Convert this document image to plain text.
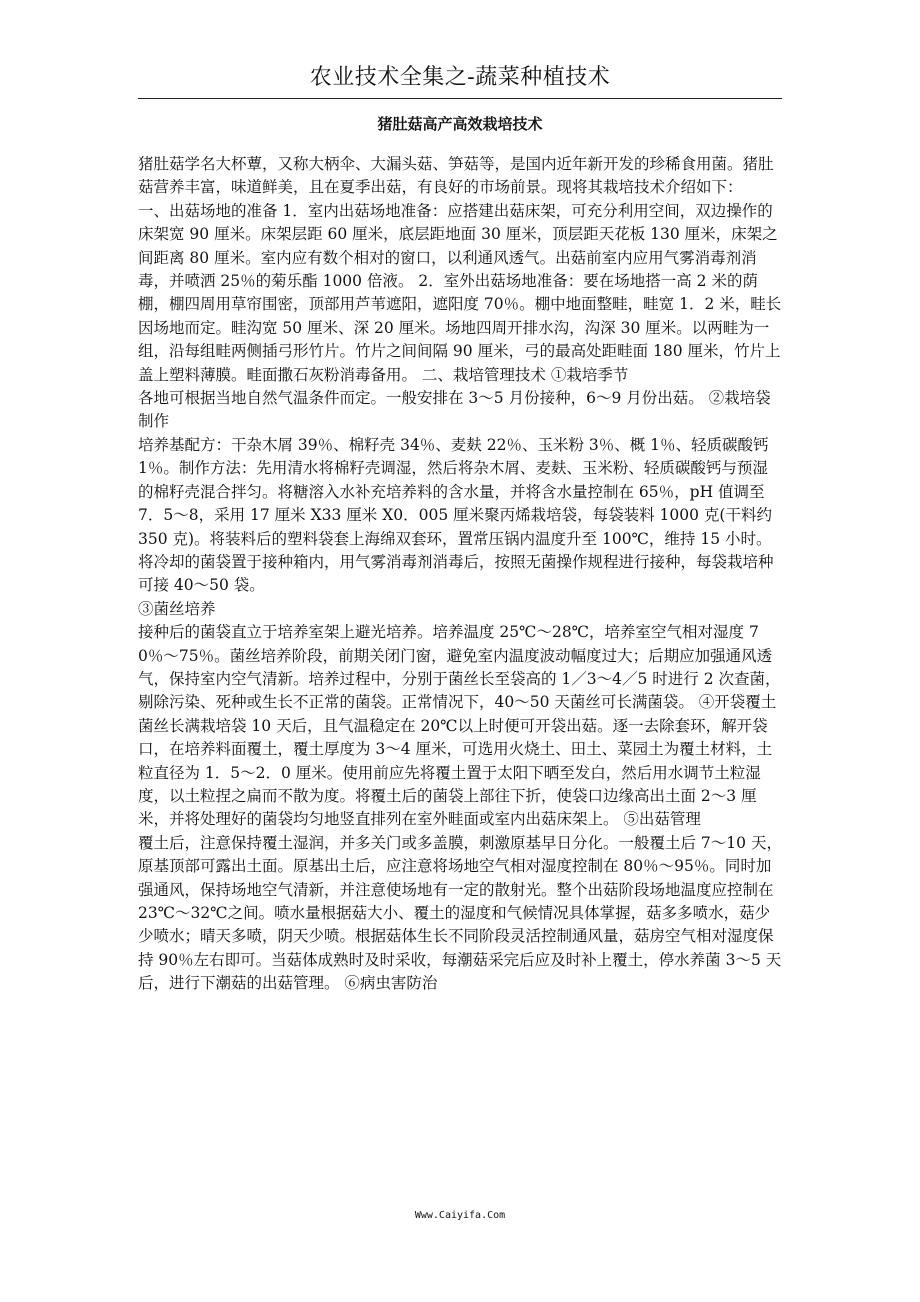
农业技术全集之-蔬菜种植技术
猪肚菇高产高效栽培技术

猪肚菇学名大杯蕈，又称大柄伞、大漏头菇、笋菇等，是国内近年新开发的珍稀食用菌。猪肚菇营养丰富，味道鲜美，且在夏季出菇，有良好的市场前景。现将其栽培技术介绍如下：  一、出菇场地的准备 1．室内出菇场地准备：应搭建出菇床架，可充分利用空间，双边操作的床架宽 90 厘米。床架层距 60 厘米，底层距地面 30 厘米，顶层距天花板 130 厘米，床架之间距离 80 厘米。室内应有数个相对的窗口，以利通风透气。出菇前室内应用气雾消毒剂消毒，并喷洒 25％的菊乐酯 1000 倍液。 2．室外出菇场地准备：要在场地搭一高 2 米的荫棚，棚四周用草帘围密，顶部用芦苇遮阳，遮阳度 70％。棚中地面整畦，畦宽 1．2 米，畦长因场地而定。畦沟宽 50 厘米、深 20 厘米。场地四周开排水沟，沟深 30 厘米。以两畦为一组，沿每组畦两侧插弓形竹片。竹片之间间隔 90 厘米，弓的最高处距畦面 180 厘米，竹片上盖上塑料薄膜。畦面撒石灰粉消毒备用。 二、栽培管理技术 ①栽培季节

各地可根据当地自然气温条件而定。一般安排在 3～5 月份接种，6～9 月份出菇。 ②栽培袋制作

培养基配方：干杂木屑 39％、棉籽壳 34％、麦麸 22％、玉米粉 3％、概 1％、轻质碳酸钙 1％。制作方法：先用清水将棉籽壳调湿，然后将杂木屑、麦麸、玉米粉、轻质碳酸钙与预湿的棉籽壳混合拌匀。将糖溶入水补充培养料的含水量，并将含水量控制在 65％，pH 值调至 7．5～8，采用 17 厘米 X33 厘米 X0．005 厘米聚丙烯栽培袋，每袋装料 1000 克(干料约 350 克)。将装料后的塑料袋套上海绵双套环，置常压锅内温度升至 100℃，维持 15 小时。将冷却的菌袋置于接种箱内，用气雾消毒剂消毒后，按照无菌操作规程进行接种，每袋栽培种可接 40～50 袋。

③菌丝培养

接种后的菌袋直立于培养室架上避光培养。培养温度 25℃～28℃，培养室空气相对湿度 70％～75％。菌丝培养阶段，前期关闭门窗，避免室内温度波动幅度过大；后期应加强通风透气，保持室内空气清新。培养过程中，分别于菌丝长至袋高的 1／3～4／5 时进行 2 次查菌，剔除污染、死种或生长不正常的菌袋。正常情况下，40～50 天菌丝可长满菌袋。 ④开袋覆土

菌丝长满栽培袋 10 天后，且气温稳定在 20℃以上时便可开袋出菇。逐一去除套环，解开袋口，在培养料面覆土，覆土厚度为 3～4 厘米，可选用火烧土、田土、菜园土为覆土材料，土粒直径为 1．5～2．0 厘米。使用前应先将覆土置于太阳下晒至发白，然后用水调节土粒湿度，以土粒捏之扁而不散为度。将覆土后的菌袋上部往下折，使袋口边缘高出土面 2～3 厘米，并将处理好的菌袋均匀地竖直排列在室外畦面或室内出菇床架上。 ⑤出菇管理

覆土后，注意保持覆土湿润，并多关门或多盖膜，刺激原基早日分化。一般覆土后 7～10 天，原基顶部可露出土面。原基出土后，应注意将场地空气相对湿度控制在 80％～95％。同时加强通风，保持场地空气清新，并注意使场地有一定的散射光。整个出菇阶段场地温度应控制在 23℃～32℃之间。喷水量根据菇大小、覆土的湿度和气候情况具体掌握，菇多多喷水，菇少少喷水；晴天多喷，阴天少喷。根据菇体生长不同阶段灵活控制通风量，菇房空气相对湿度保持 90％左右即可。当菇体成熟时及时采收，每潮菇采完后应及时补上覆土，停水养菌 3～5 天后，进行下潮菇的出菇管理。 ⑥病虫害防治

Www.Caiyifa.Com
